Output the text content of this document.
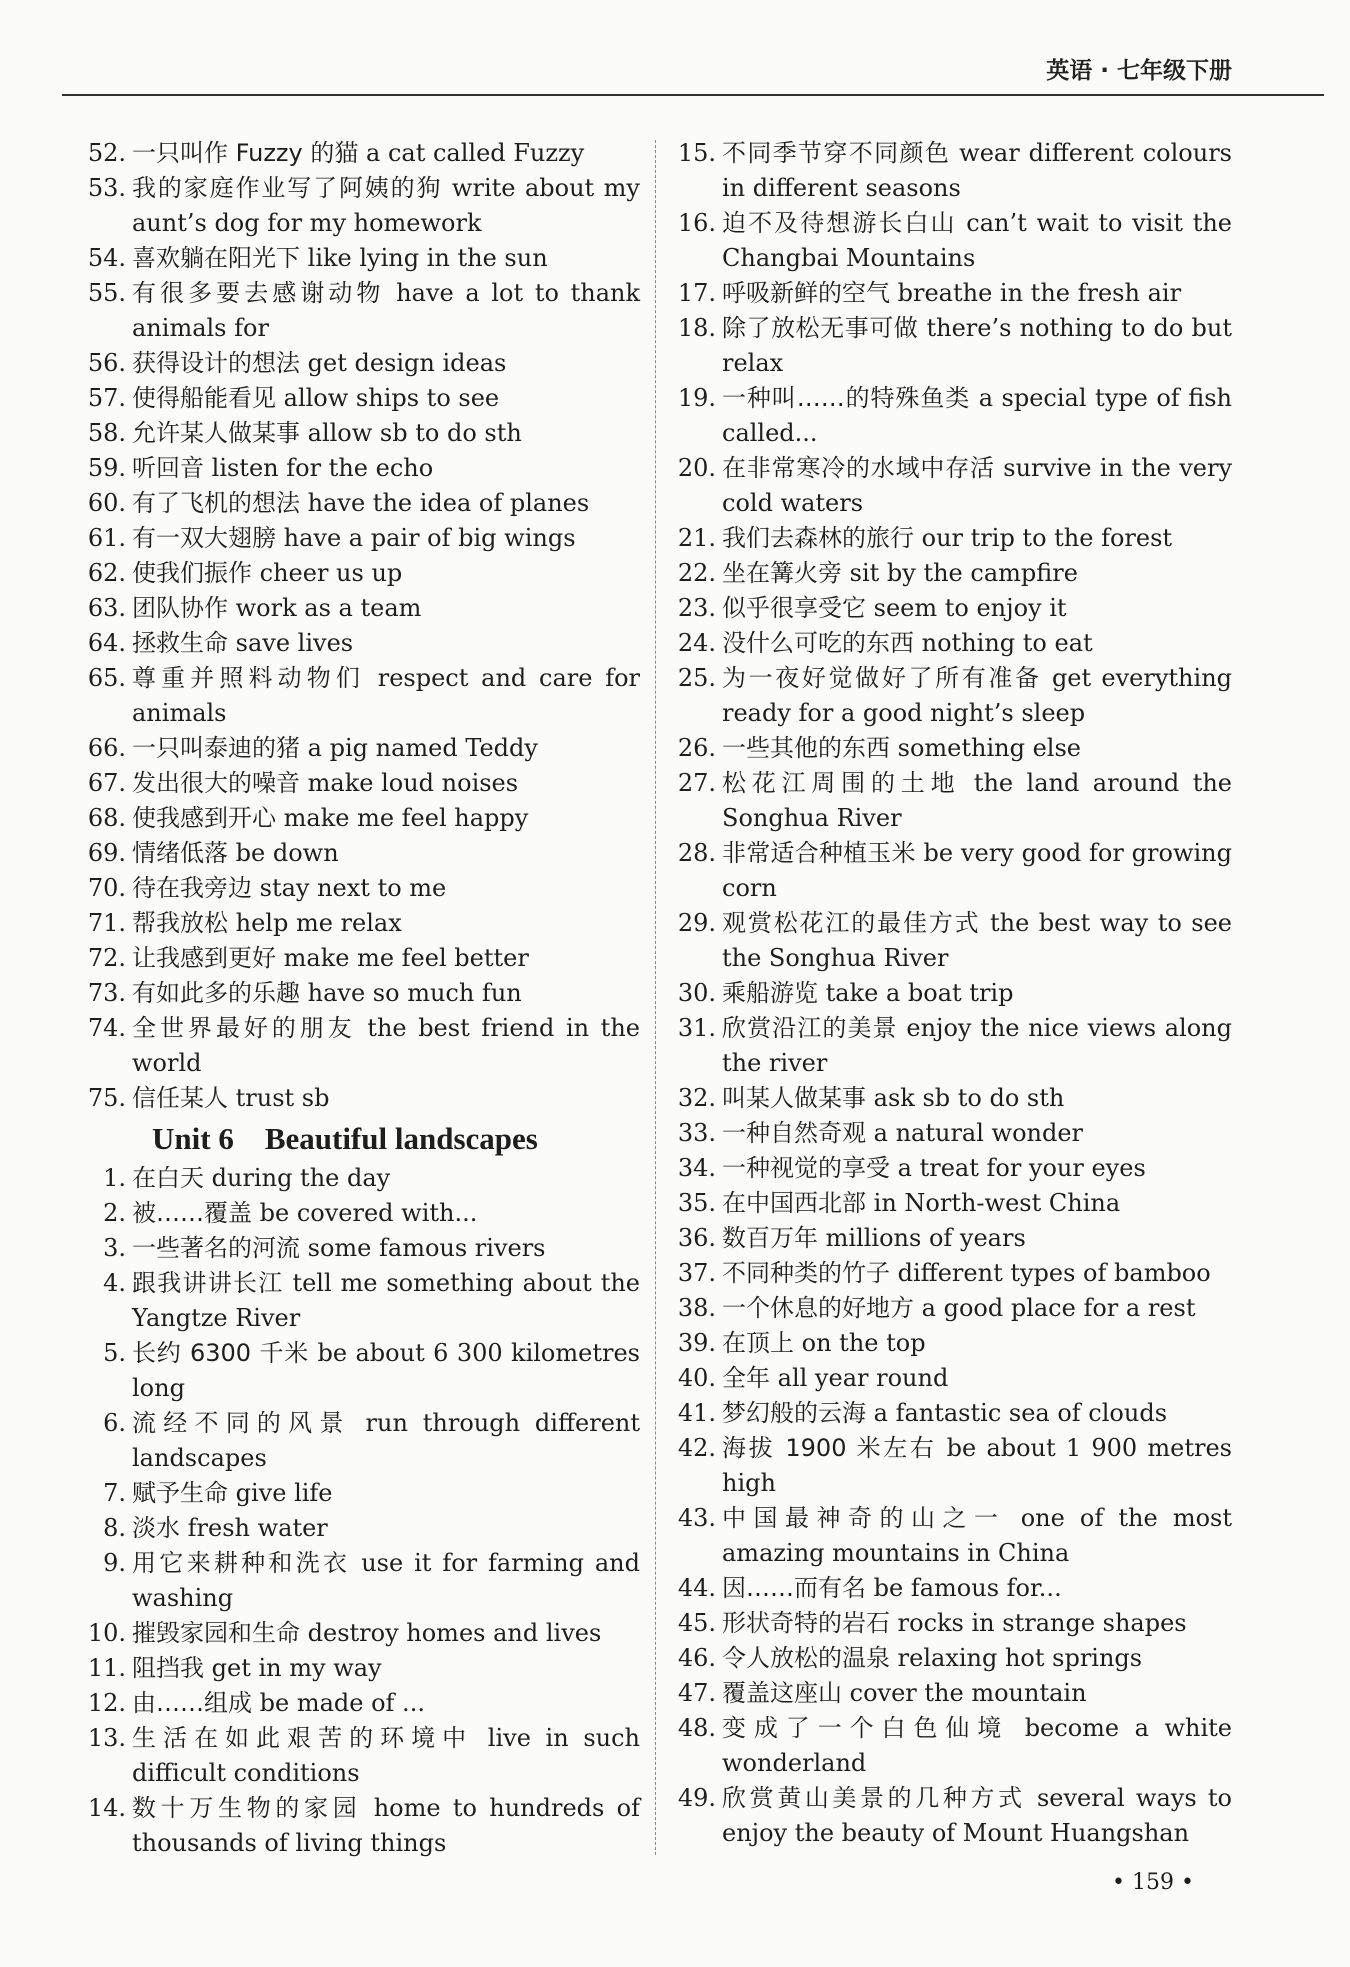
英语 · 七年级下册
52. 一只叫作 Fuzzy 的猫 a cat called Fuzzy
53. 我的家庭作业写了阿姨的狗 write about my aunt’s dog for my homework
54. 喜欢躺在阳光下 like lying in the sun
55. 有很多要去感谢动物 have a lot to thank animals for
56. 获得设计的想法 get design ideas
57. 使得船能看见 allow ships to see
58. 允许某人做某事 allow sb to do sth
59. 听回音 listen for the echo
60. 有了飞机的想法 have the idea of planes
61. 有一双大翅膀 have a pair of big wings
62. 使我们振作 cheer us up
63. 团队协作 work as a team
64. 拯救生命 save lives
65. 尊重并照料动物们 respect and care for animals
66. 一只叫泰迪的猪 a pig named Teddy
67. 发出很大的噪音 make loud noises
68. 使我感到开心 make me feel happy
69. 情绪低落 be down
70. 待在我旁边 stay next to me
71. 帮我放松 help me relax
72. 让我感到更好 make me feel better
73. 有如此多的乐趣 have so much fun
74. 全世界最好的朋友 the best friend in the world
75. 信任某人 trust sb
Unit 6    Beautiful landscapes
1. 在白天 during the day
2. 被……覆盖 be covered with...
3. 一些著名的河流 some famous rivers
4. 跟我讲讲长江 tell me something about the Yangtze River
5. 长约 6300 千米 be about 6 300 kilometres long
6. 流经不同的风景 run through different landscapes
7. 赋予生命 give life
8. 淡水 fresh water
9. 用它来耕种和洗衣 use it for farming and washing
10. 摧毁家园和生命 destroy homes and lives
11. 阻挡我 get in my way
12. 由……组成 be made of ...
13. 生活在如此艰苦的环境中 live in such difficult conditions
14. 数十万生物的家园 home to hundreds of thousands of living things
15. 不同季节穿不同颜色 wear different colours in different seasons
16. 迫不及待想游长白山 can’t wait to visit the Changbai Mountains
17. 呼吸新鲜的空气 breathe in the fresh air
18. 除了放松无事可做 there’s nothing to do but relax
19. 一种叫……的特殊鱼类 a special type of fish called...
20. 在非常寒冷的水域中存活 survive in the very cold waters
21. 我们去森林的旅行 our trip to the forest
22. 坐在篝火旁 sit by the campfire
23. 似乎很享受它 seem to enjoy it
24. 没什么可吃的东西 nothing to eat
25. 为一夜好觉做好了所有准备 get everything ready for a good night’s sleep
26. 一些其他的东西 something else
27. 松花江周围的土地 the land around the Songhua River
28. 非常适合种植玉米 be very good for growing corn
29. 观赏松花江的最佳方式 the best way to see the Songhua River
30. 乘船游览 take a boat trip
31. 欣赏沿江的美景 enjoy the nice views along the river
32. 叫某人做某事 ask sb to do sth
33. 一种自然奇观 a natural wonder
34. 一种视觉的享受 a treat for your eyes
35. 在中国西北部 in North-west China
36. 数百万年 millions of years
37. 不同种类的竹子 different types of bamboo
38. 一个休息的好地方 a good place for a rest
39. 在顶上 on the top
40. 全年 all year round
41. 梦幻般的云海 a fantastic sea of clouds
42. 海拔 1900 米左右 be about 1 900 metres high
43. 中国最神奇的山之一 one of the most amazing mountains in China
44. 因……而有名 be famous for...
45. 形状奇特的岩石 rocks in strange shapes
46. 令人放松的温泉 relaxing hot springs
47. 覆盖这座山 cover the mountain
48. 变成了一个白色仙境 become a white wonderland
49. 欣赏黄山美景的几种方式 several ways to enjoy the beauty of Mount Huangshan
• 159 •
